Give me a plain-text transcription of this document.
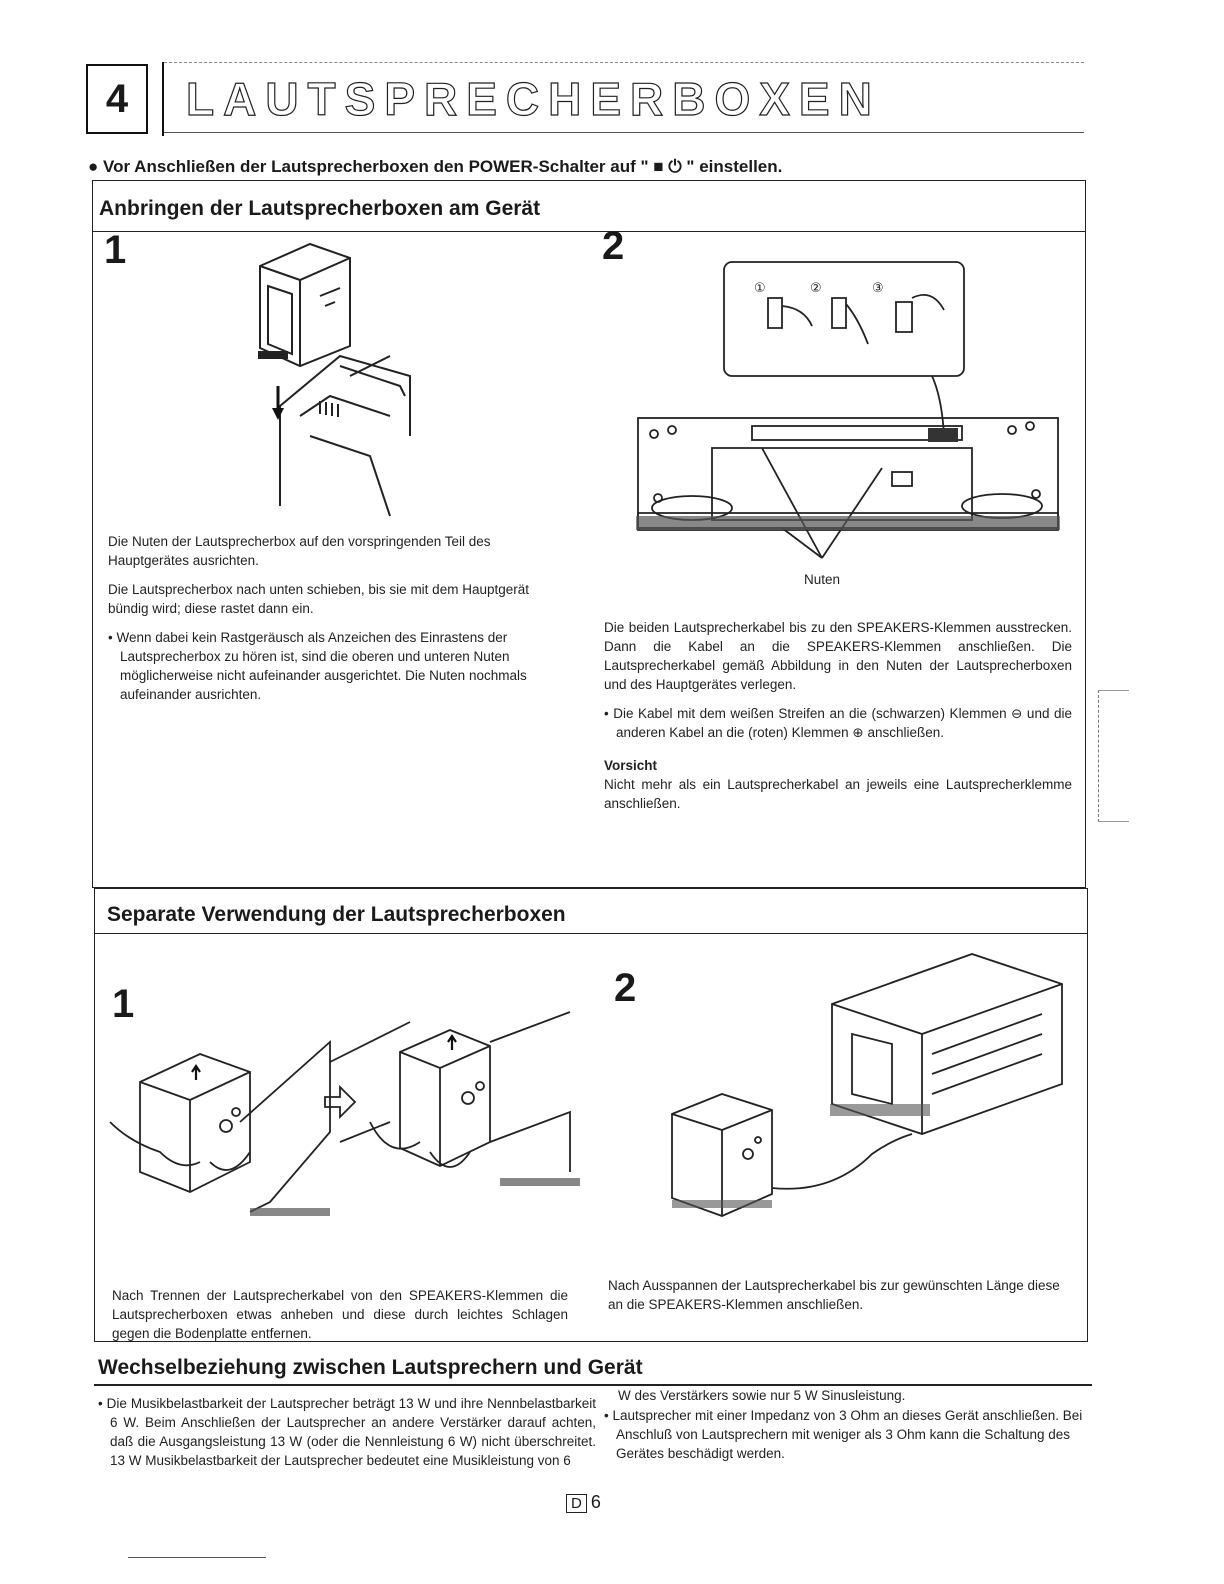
4	LAUTSPRECHERBOXEN
● Vor Anschließen der Lautsprecherboxen den POWER-Schalter auf " ■ ⏻ " einstellen.
Anbringen der Lautsprecherboxen am Gerät
1	2

Die Nuten der Lautsprecherbox auf den vorspringenden Teil des Hauptgerätes ausrichten.

Die Lautsprecherbox nach unten schieben, bis sie mit dem Hauptgerät bündig wird; diese rastet dann ein.

• Wenn dabei kein Rastgeräusch als Anzeichen des Einrastens der Lautsprecherbox zu hören ist, sind die oberen und unteren Nuten möglicherweise nicht aufeinander ausgerichtet. Die Nuten nochmals aufeinander ausrichten.

①	②	③
Nuten

Die beiden Lautsprecherkabel bis zu den SPEAKERS-Klemmen ausstrecken. Dann die Kabel an die SPEAKERS-Klemmen anschließen. Die Lautsprecherkabel gemäß Abbildung in den Nuten der Lautsprecherboxen und des Hauptgerätes verlegen.

• Die Kabel mit dem weißen Streifen an die (schwarzen) Klemmen ⊖ und die anderen Kabel an die (roten) Klemmen ⊕ anschließen.

Vorsicht

Nicht mehr als ein Lautsprecherkabel an jeweils eine Lautsprecherklemme anschließen.

Separate Verwendung der Lautsprecherboxen
1	2
Nach Trennen der Lautsprecherkabel von den SPEAKERS-Klemmen die Lautsprecherboxen etwas anheben und diese durch leichtes Schlagen gegen die Bodenplatte entfernen.
Nach Ausspannen der Lautsprecherkabel bis zur gewünschten Länge diese an die SPEAKERS-Klemmen anschließen.
Wechselbeziehung zwischen Lautsprechern und Gerät
• Die Musikbelastbarkeit der Lautsprecher beträgt 13 W und ihre Nennbelastbarkeit 6 W. Beim Anschließen der Lautsprecher an andere Verstärker darauf achten, daß die Ausgangsleistung 13 W (oder die Nennleistung 6 W) nicht überschreitet. 13 W Musikbelastbarkeit der Lautsprecher bedeutet eine Musikleistung von 6
W des Verstärkers sowie nur 5 W Sinusleistung.
• Lautsprecher mit einer Impedanz von 3 Ohm an dieses Gerät anschließen. Bei Anschluß von Lautsprechern mit weniger als 3 Ohm kann die Schaltung des Gerätes beschädigt werden.
D 6
